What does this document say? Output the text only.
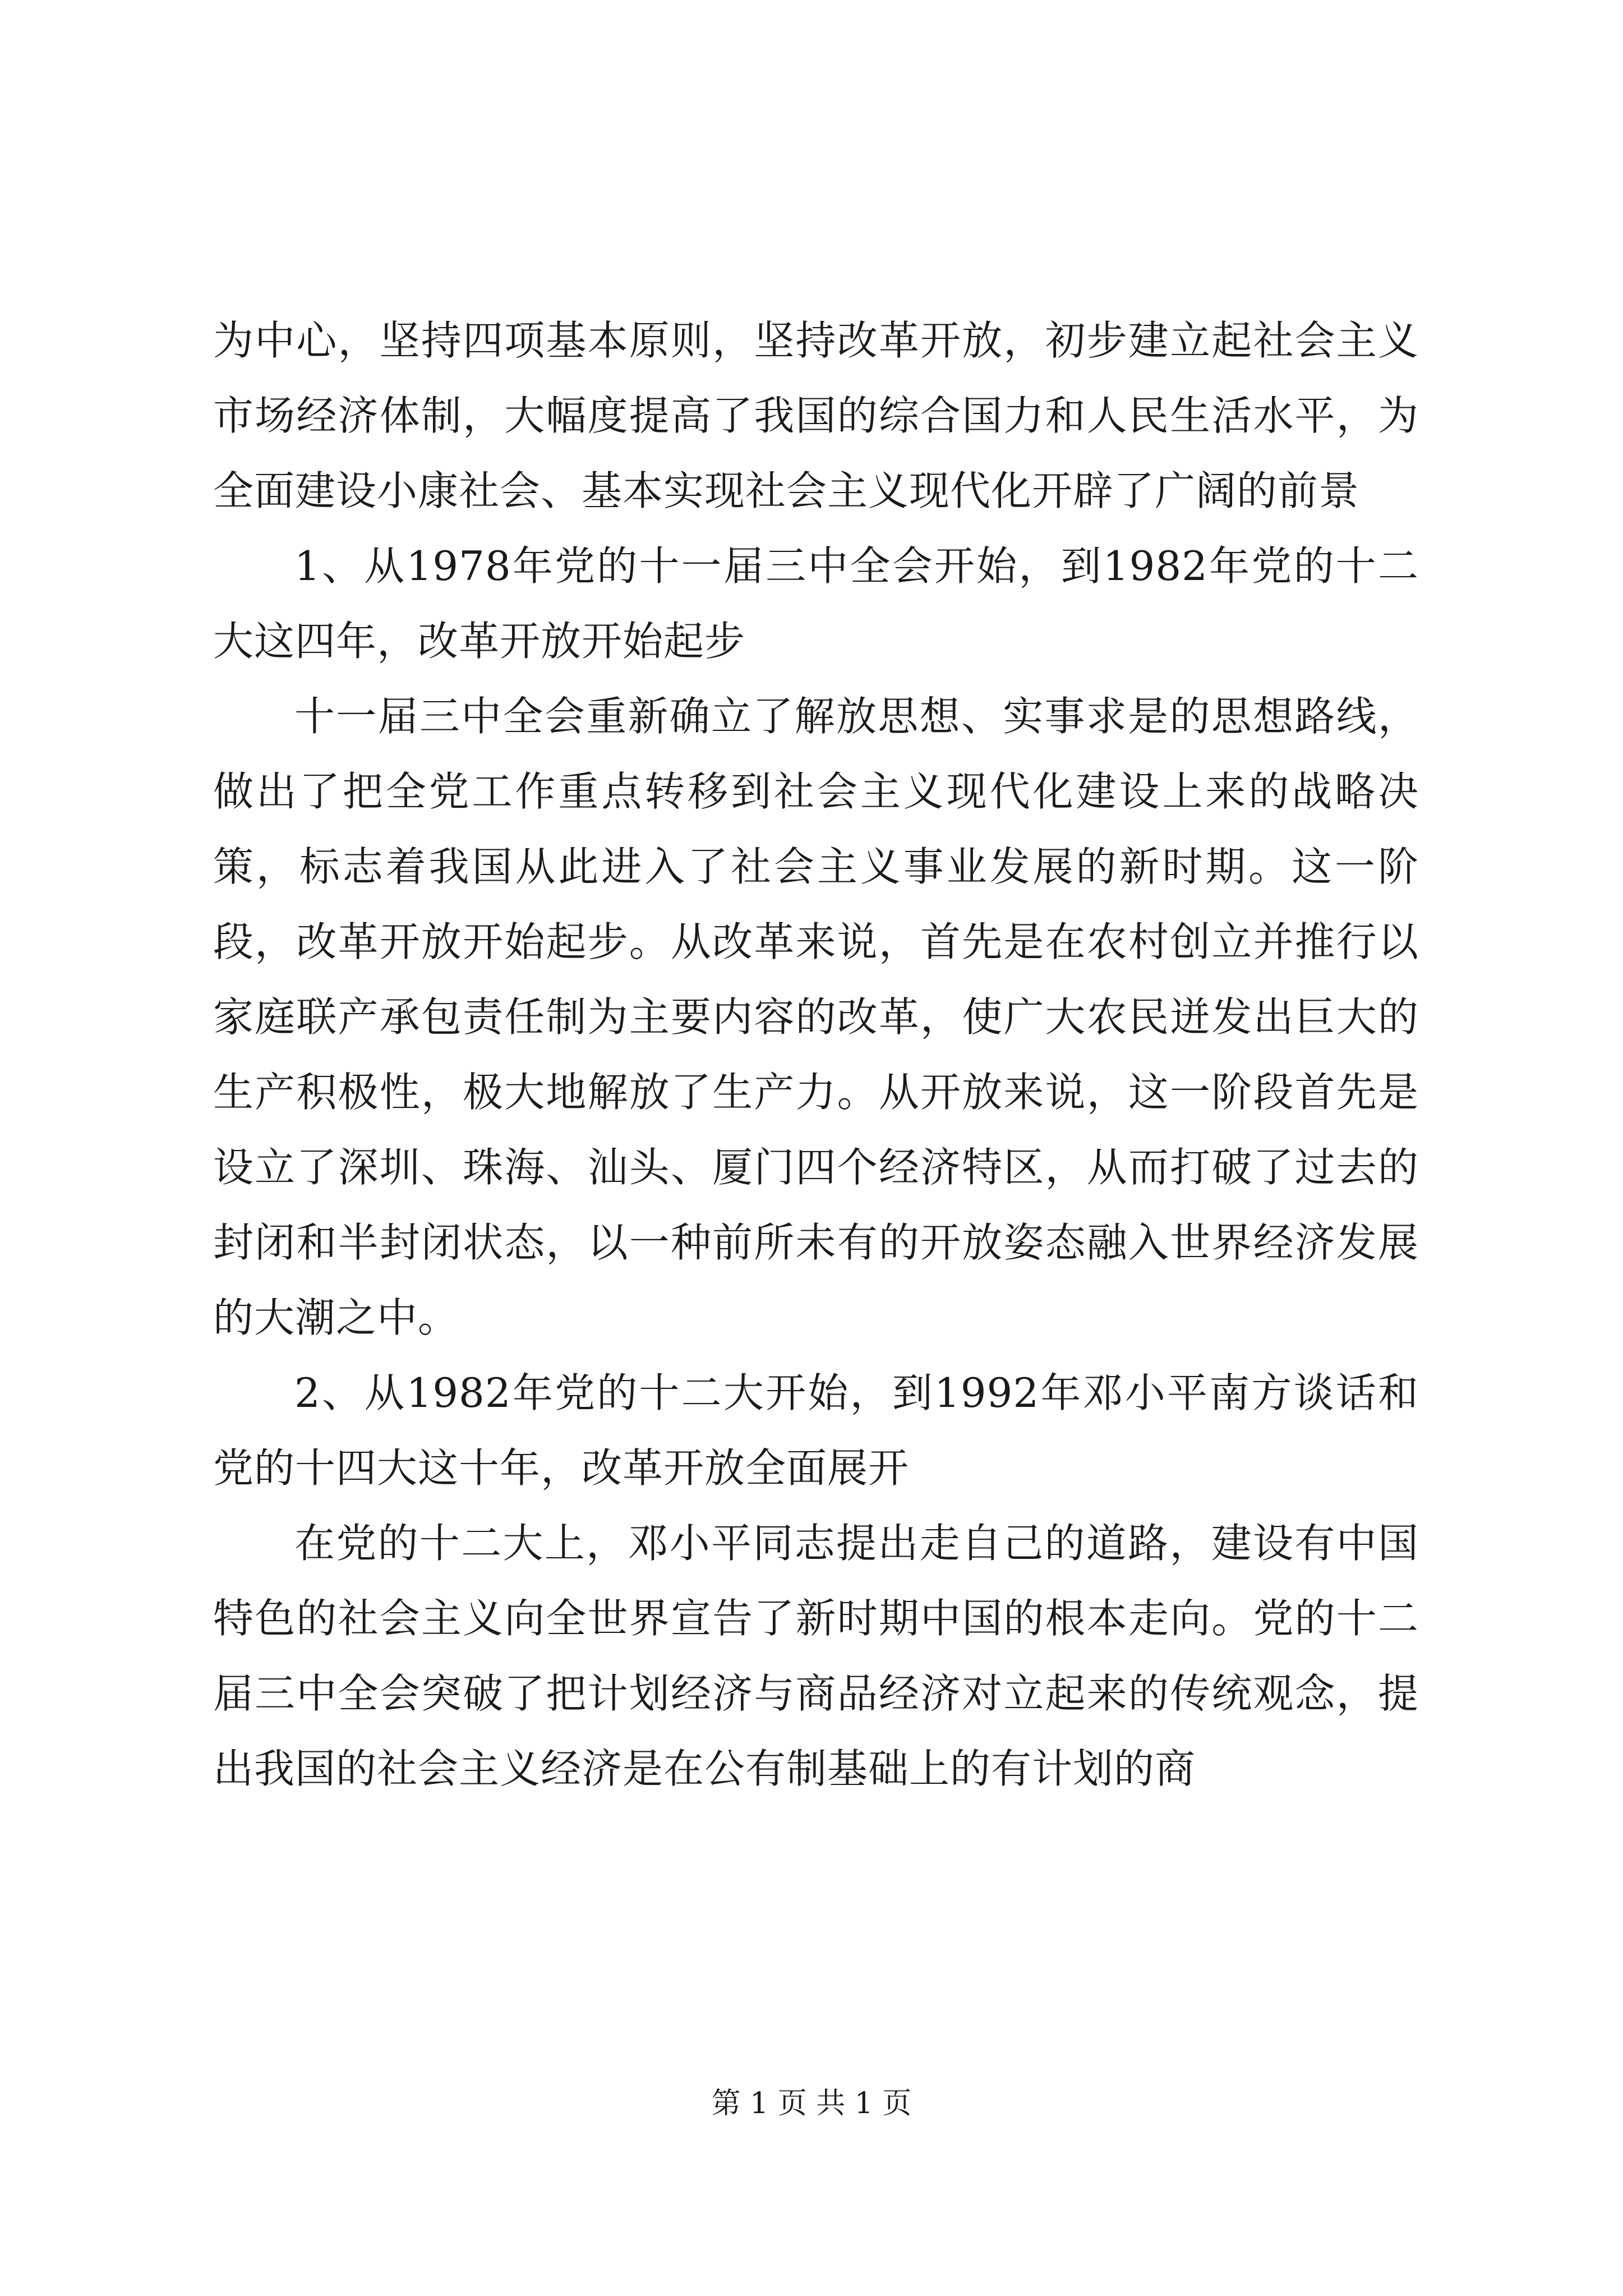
为中心，坚持四项基本原则，坚持改革开放，初步建立起社会主义市场经济体制，大幅度提高了我国的综合国力和人民生活水平，为全面建设小康社会、基本实现社会主义现代化开辟了广阔的前景

1、从1978年党的十一届三中全会开始，到1982年党的十二大这四年，改革开放开始起步

十一届三中全会重新确立了解放思想、实事求是的思想路线，做出了把全党工作重点转移到社会主义现代化建设上来的战略决策，标志着我国从此进入了社会主义事业发展的新时期。这一阶段，改革开放开始起步。从改革来说，首先是在农村创立并推行以家庭联产承包责任制为主要内容的改革，使广大农民迸发出巨大的生产积极性，极大地解放了生产力。从开放来说，这一阶段首先是设立了深圳、珠海、汕头、厦门四个经济特区，从而打破了过去的封闭和半封闭状态，以一种前所未有的开放姿态融入世界经济发展的大潮之中。

2、从1982年党的十二大开始，到1992年邓小平南方谈话和党的十四大这十年，改革开放全面展开

在党的十二大上，邓小平同志提出走自己的道路，建设有中国特色的社会主义向全世界宣告了新时期中国的根本走向。党的十二届三中全会突破了把计划经济与商品经济对立起来的传统观念，提出我国的社会主义经济是在公有制基础上的有计划的商

第 1 页 共 1 页
